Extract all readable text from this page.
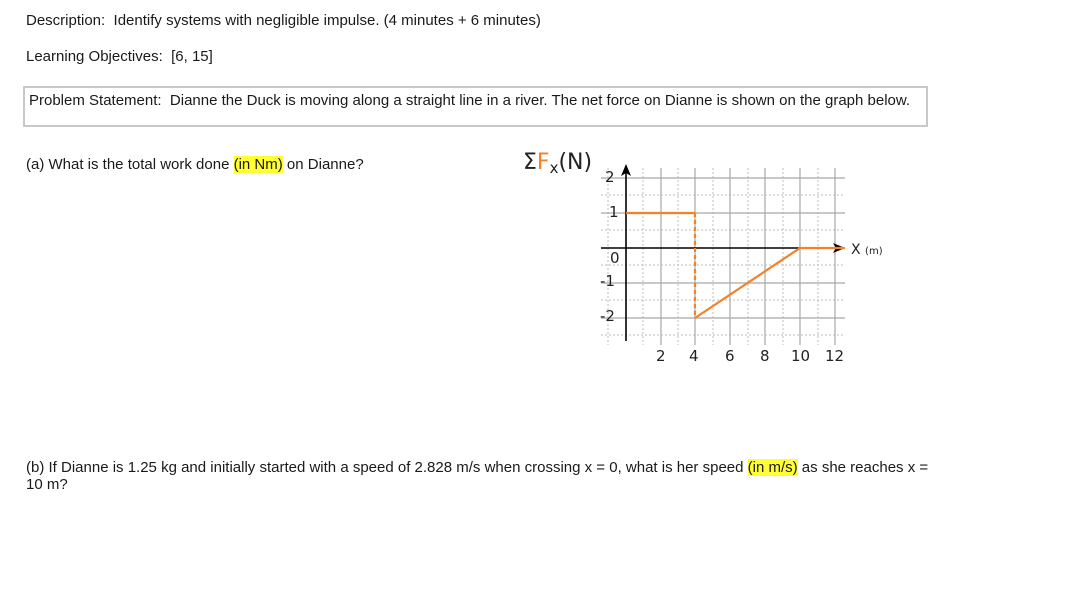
Description: Identify systems with negligible impulse. (4 minutes + 6 minutes)
Learning Objectives: [6, 15]
Problem Statement: Dianne the Duck is moving along a straight line in a river. The net force on Dianne is shown on the graph below.
(a) What is the total work done (in Nm) on Dianne?
(b) If Dianne is 1.25 kg and initially started with a speed of 2.828 m/s when crossing x = 0, what is her speed (in m/s) as she reaches x = 10 m?
$\Sigma F_x(N)$
2
1
0
-1
-2
2 4 6 8 10 12
X (m)
